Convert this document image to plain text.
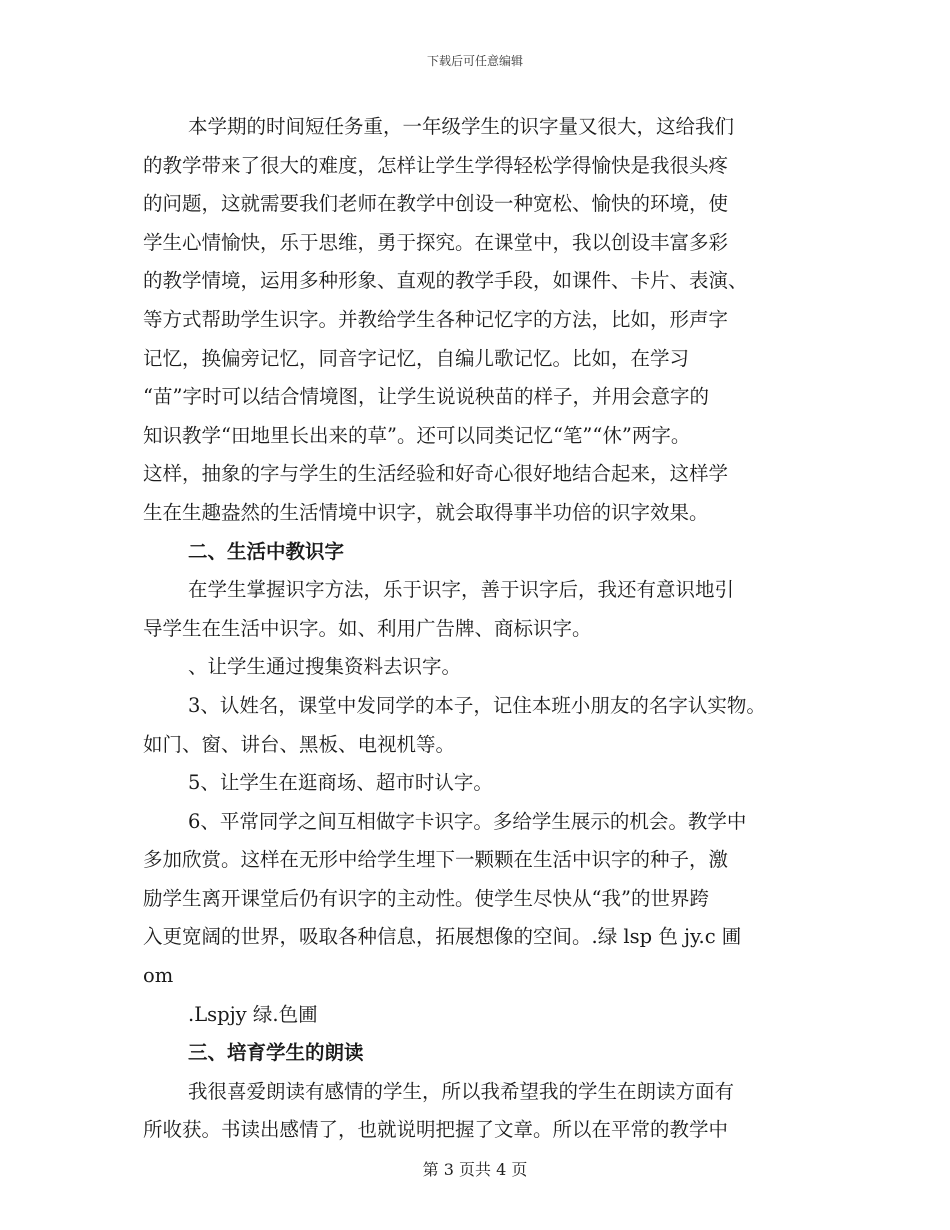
下载后可任意编辑
本学期的时间短任务重，一年级学生的识字量又很大，这给我们
的教学带来了很大的难度，怎样让学生学得轻松学得愉快是我很头疼
的问题，这就需要我们老师在教学中创设一种宽松、愉快的环境，使
学生心情愉快，乐于思维，勇于探究。在课堂中，我以创设丰富多彩
的教学情境，运用多种形象、直观的教学手段，如课件、卡片、表演、
等方式帮助学生识字。并教给学生各种记忆字的方法，比如，形声字
记忆，换偏旁记忆，同音字记忆，自编儿歌记忆。比如，在学习
“苗”字时可以结合情境图，让学生说说秧苗的样子，并用会意字的
知识教学“田地里长出来的草”。还可以同类记忆“笔”“休”两字。
这样，抽象的字与学生的生活经验和好奇心很好地结合起来，这样学
生在生趣盎然的生活情境中识字，就会取得事半功倍的识字效果。
二、生活中教识字
在学生掌握识字方法，乐于识字，善于识字后，我还有意识地引
导学生在生活中识字。如、利用广告牌、商标识字。
、让学生通过搜集资料去识字。
3、认姓名，课堂中发同学的本子，记住本班小朋友的名字认实物。
如门、窗、讲台、黑板、电视机等。
5、让学生在逛商场、超市时认字。
6、平常同学之间互相做字卡识字。多给学生展示的机会。教学中
多加欣赏。这样在无形中给学生埋下一颗颗在生活中识字的种子，激
励学生离开课堂后仍有识字的主动性。使学生尽快从“我”的世界跨
入更宽阔的世界，吸取各种信息，拓展想像的空间。.绿 lsp 色 jy.c 圃
om
.Lspjy 绿.色圃
三、培育学生的朗读
我很喜爱朗读有感情的学生，所以我希望我的学生在朗读方面有
所收获。书读出感情了，也就说明把握了文章。所以在平常的教学中
第 3 页共 4 页
